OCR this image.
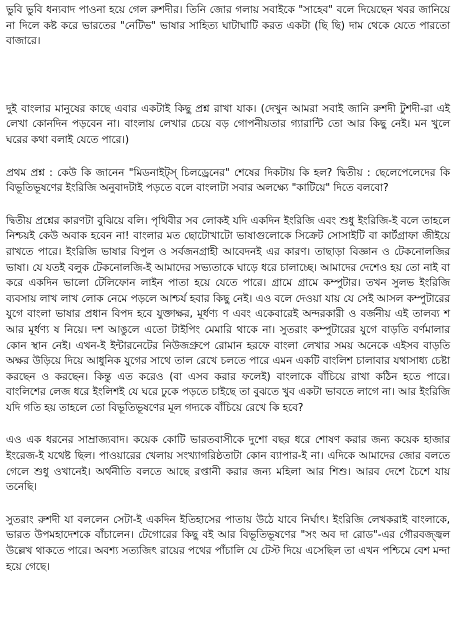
ভুবি ভুবি ধন্যবাদ পাওনা হয়ে গেল রুশদীর। তিনি জোর গলায় সবাইকে "সাহেব" বলে দিয়েছেন খবর জানিয়ে না দিলে কষ্ট করে ভারতের "নেটিভ" ভাষার সাহিত্য ঘাটাঘাটি করত একটা (ছি ছি) দাম থেকে যেতে পারতো বাজারে।

দুই বাংলার মানুষের কাছে এবার একটাই কিছু প্রশ্ন রাখা যাক। (দেখুন আমরা সবাই জানি রুশদী টুশদী-রা এই লেখা কোনদিন পড়বেন না। বাংলায় লেখার চেয়ে বড় গোপনীয়তার গ্যারান্টি তো আর কিছু নেই। মন খুলে ঘরের কথা বলাই যেতে পারে।)

প্রথম প্রশ্ন : কেউ কি জানেন "মিডনাইট্‌স্‌ চিলড্রেনের" শেষের দিকটায় কি হল? দ্বিতীয় : ছেলেপেলেদের কি বিভূতিভূষণের ইংরিজি অনুবাদটাই পড়তে বলে বাংলাটা সবার অলক্ষ্যে "কাটিয়ে" দিতে বলবো?

দ্বিতীয় প্রশ্নের কারণটা বুঝিয়ে বলি। পৃথিবীর সব লোকই যদি একদিন ইংরিজি এবং শুধু ইংরিজি-ই বলে তাহলে নিশ্চয়ই কেউ অবাক হবেন না! বাংলার মত ছোটোখাটো ভাষাগুলোকে সিক্রেট সোসাইটি বা কার্টগ্রাফা জীইয়ে রাখতে পারে। ইংরিজি ভাষার বিপুল ও সর্বজনগ্রাহী আবেদনই এর কারণ। তাছাড়া বিজ্ঞান ও টেকনোলজির ভাষা। যে যতই বলুক টেকনোলজি-ই আমাদের সভ্যতাকে ঘাড়ে ধরে চালাচ্ছে। আমাদের দেশেও হয় তো নাই বা করে একদিন ভালো টেলিফোন লাইন পাতা হয়ে যেতে পারে। গ্রামে গ্রামে কম্পুটার। তখন সুলভ ইংরিজি ব্যবসায় লাখ লাখ লোক নেমে পড়লে আশ্চর্য হবার কিছু নেই। এও বলে দেওয়া যায় যে সেই আসল কম্পুটারের যুগে বাংলা ভাষার প্রধান বিপদ হবে যুক্তাক্ষর, মূর্ধণ্য ণ এবং একেবারেই অন্দরকারী ও বর্জনীয় এই তালব্য শ আর মূর্ধণ্য ষ নিয়ে। দশ আঙুলে এতো টাইপিং মেমারি থাকে না। সুতরাং কম্পুটারের যুগে বাড়তি বর্ণমালার কোন স্থান নেই। এখন-ই ইন্টারনেটের নিউজগ্রুপে রোমান হরফে বাংলা লেখার সময় অনেকে এইসব বাড়তি অক্ষর উড়িয়ে দিয়ে আধুনিক যুগের সাথে তাল রেখে চলতে পারে এমন একটি বাংলিশ চালাবার যথাসাধ্য চেষ্টা করছেন ও করছেন। কিন্তু এত করেও (বা এসব করার ফলেই) বাংলাকে বাঁচিয়ে রাখা কঠিন হতে পারে। বাংলিশের লেজ ধরে ইংলিশই যে ঘরে ঢুকে পড়তে চাইছে তা বুঝতে খুব একটা ভাবতে লাগে না। আর ইংরিজি যদি গতি হয় তাহলে তো বিভূতিভূষণের মূল গদ্যকে বাঁচিয়ে রেখে কি হবে?

এও এক ধরনের সাম্রাজ্যবাদ। কয়েক কোটি ভারতবাসীকে দুশো বছর ধরে শোষণ করার জন্য কয়েক হাজার ইংরেজ-ই যথেষ্ট ছিল। পাওয়ারের খেলায় সংখ্যাগরিষ্ঠতাটা কোন ব্যাপার-ই না। এদিকে আমাদের জোর বলতে গেলে শুধু ওখানেই। অর্থনীতি বলতে আছে রপ্তানী করার জন্য মহিলা আর শিশু। আরব দেশে চৈশে যায় তনেছি।

সুতরাং রুশদী যা বললেন সেটা-ই একদিন ইতিহাসের পাতায় উঠে যাবে নির্ঘাৎ। ইংরিজি লেখকরাই বাংলাকে, ভারত উপমহাদেশকে বাঁচালেন। টেগোরের কিছু বই আর বিভূতিভূষণের "সং অব দা রোড"-এর গৌরবজ্জ্বল উল্লেখ থাকতে পারে। অবশ্য সত্যজিৎ রায়ের পথের পাঁচালি যে টেস্ট দিয়ে এসেছিল তা এখন পশ্চিমে বেশ মন্দা হয়ে গেছে।
